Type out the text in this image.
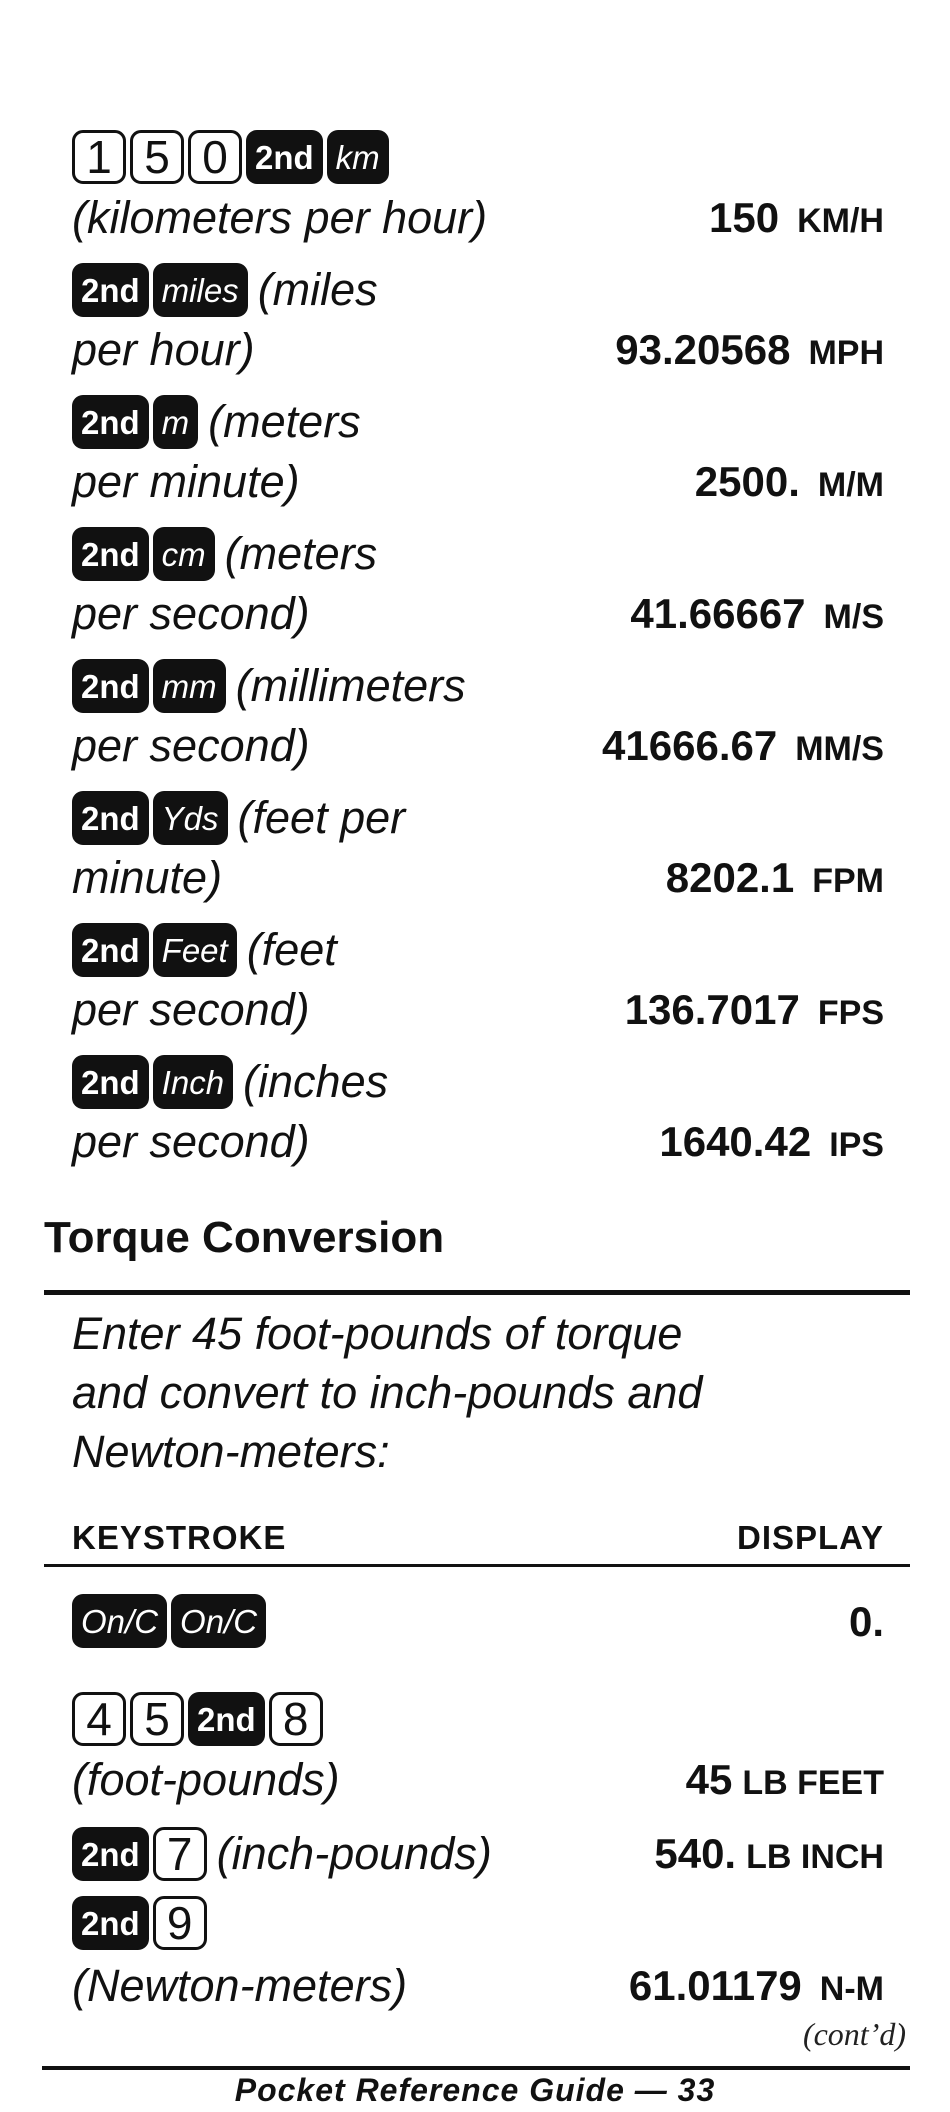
1 5 0 2nd km
(kilometers per hour)	150 KM/H
2nd miles (miles
per hour)	93.20568 MPH
2nd m (meters
per minute)	2500. M/M
2nd cm (meters
per second)	41.66667 M/S
2nd mm (millimeters
per second)	41666.67 MM/S
2nd Yds (feet per
minute)	8202.1 FPM
2nd Feet (feet
per second)	136.7017 FPS
2nd Inch (inches
per second)	1640.42 IPS
Torque Conversion
Enter 45 foot-pounds of torque
and convert to inch-pounds and
Newton-meters:
KEYSTROKE	DISPLAY
On/C On/C	0.
4 5 2nd 8
(foot-pounds)	45 LB FEET
2nd 7 (inch-pounds)	540. LB INCH
2nd 9
(Newton-meters)	61.01179 N-M
(cont’d)
Pocket Reference Guide — 33
